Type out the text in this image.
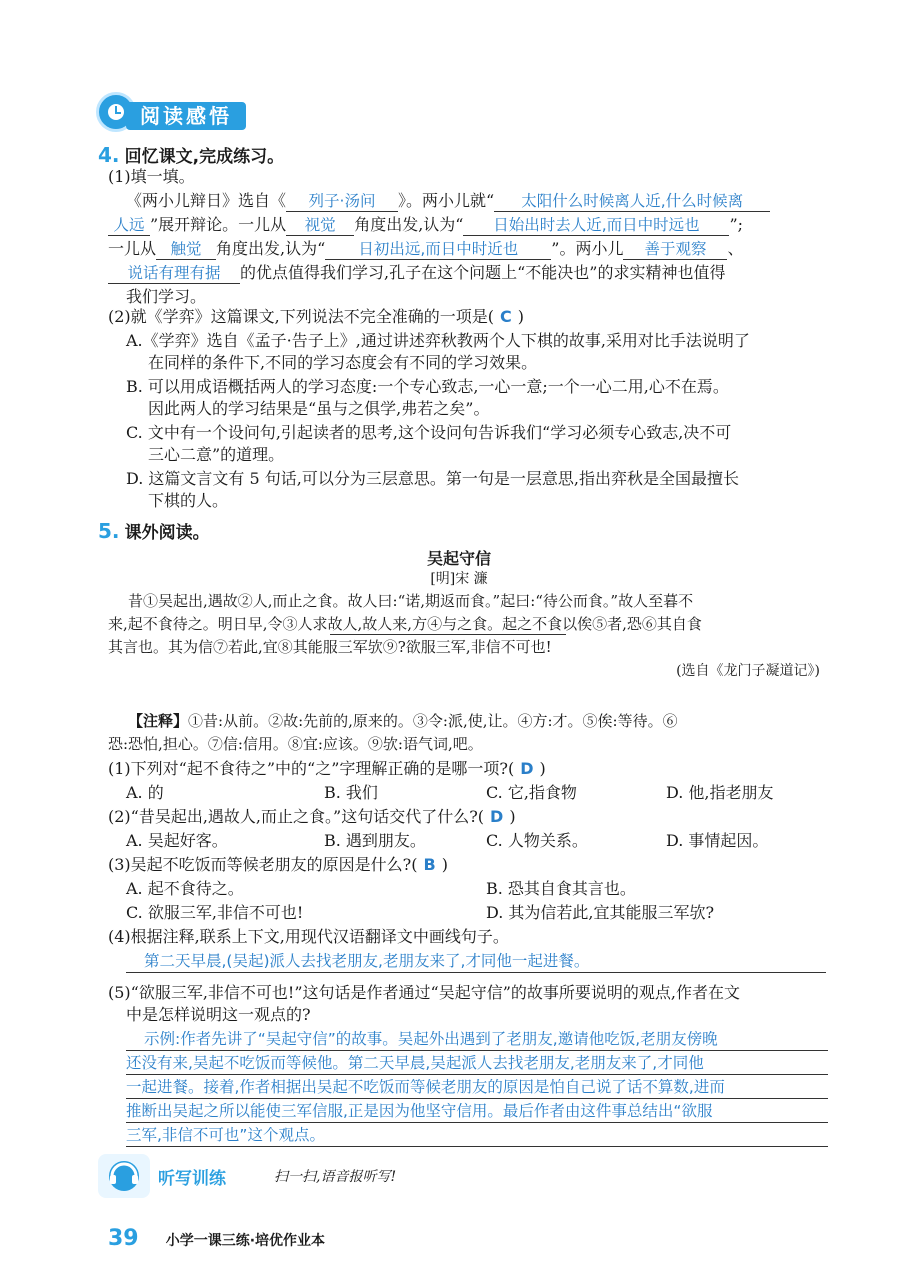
阅读感悟
4. 回忆课文,完成练习。
(1)填一填。
《两小儿辩日》选自《 列子·汤问 》。两小儿就“ 太阳什么时候离人近,什么时候离
人远 ”展开辩论。一儿从 视觉 角度出发,认为“ 日始出时去人近,而日中时远也 ”;
一儿从 触觉 角度出发,认为“ 日初出远,而日中时近也 ”。两小儿 善于观察 、
说话有理有据 的优点值得我们学习,孔子在这个问题上“不能决也”的求实精神也值得
我们学习。
(2)就《学弈》这篇课文,下列说法不完全准确的一项是( C )
A.《学弈》选自《孟子·告子上》,通过讲述弈秋教两个人下棋的故事,采用对比手法说明了
在同样的条件下,不同的学习态度会有不同的学习效果。
B. 可以用成语概括两人的学习态度:一个专心致志,一心一意;一个一心二用,心不在焉。
因此两人的学习结果是“虽与之俱学,弗若之矣”。
C. 文中有一个设问句,引起读者的思考,这个设问句告诉我们“学习必须专心致志,决不可
三心二意”的道理。
D. 这篇文言文有 5 句话,可以分为三层意思。第一句是一层意思,指出弈秋是全国最擅长
下棋的人。
5. 课外阅读。
吴起守信
[明]宋 濂
昔①吴起出,遇故②人,而止之食。故人曰:“诺,期返而食。”起曰:“待公而食。”故人至暮不
来,起不食待之。明日早,令③人求故人,故人来,方④与之食。起之不食以俟⑤者,恐⑥其自食
其言也。其为信⑦若此,宜⑧其能服三军欤⑨?欲服三军,非信不可也!
(选自《龙门子凝道记》)
【注释】①昔:从前。②故:先前的,原来的。③令:派,使,让。④方:才。⑤俟:等待。⑥
恐:恐怕,担心。⑦信:信用。⑧宜:应该。⑨欤:语气词,吧。
(1)下列对“起不食待之”中的“之”字理解正确的是哪一项?( D )
A. 的	B. 我们	C. 它,指食物	D. 他,指老朋友
(2)“昔吴起出,遇故人,而止之食。”这句话交代了什么?( D )
A. 吴起好客。	B. 遇到朋友。	C. 人物关系。	D. 事情起因。
(3)吴起不吃饭而等候老朋友的原因是什么?( B )
A. 起不食待之。	B. 恐其自食其言也。
C. 欲服三军,非信不可也!	D. 其为信若此,宜其能服三军欤?
(4)根据注释,联系上下文,用现代汉语翻译文中画线句子。
第二天早晨,(吴起)派人去找老朋友,老朋友来了,才同他一起进餐。
(5)“欲服三军,非信不可也!”这句话是作者通过“吴起守信”的故事所要说明的观点,作者在文
中是怎样说明这一观点的?
示例:作者先讲了“吴起守信”的故事。吴起外出遇到了老朋友,邀请他吃饭,老朋友傍晚
还没有来,吴起不吃饭而等候他。第二天早晨,吴起派人去找老朋友,老朋友来了,才同他
一起进餐。接着,作者相据出吴起不吃饭而等候老朋友的原因是怕自己说了话不算数,进而
推断出吴起之所以能使三军信服,正是因为他坚守信用。最后作者由这件事总结出“欲服
三军,非信不可也”这个观点。
听写训练	扫一扫,语音报听写!
39 小学一课三练·培优作业本
